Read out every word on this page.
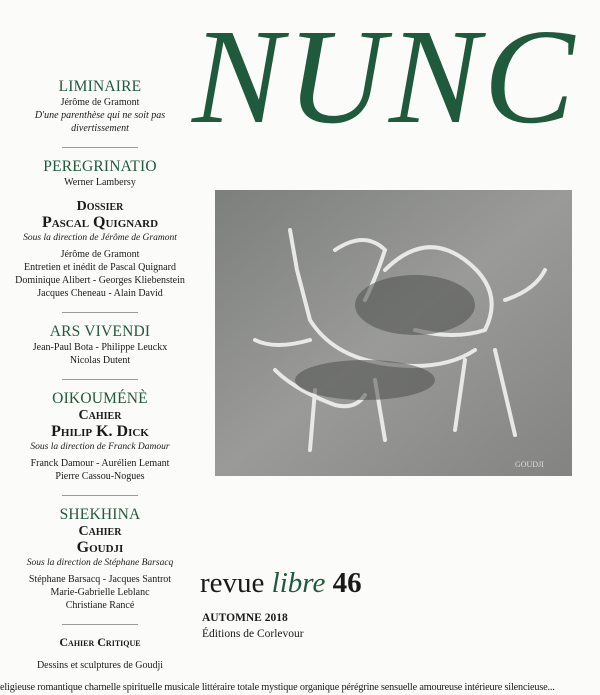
NUNC
LIMINAIRE
Jérôme de Gramont
D'une parenthèse qui ne soit pas
divertissement
PEREGRINATIO
Werner Lambersy
Dossier
Pascal Quignard
Sous la direction de Jérôme de Gramont
Jérôme de Gramont
Entretien et inédit de Pascal Quignard
Dominique Alibert - Georges Kliebenstein
Jacques Cheneau - Alain David
ARS VIVENDI
Jean-Paul Bota - Philippe Leuckx
Nicolas Dutent
OIKOUMÉNÈ
Cahier
Philip K. Dick
Sous la direction de Franck Damour
Franck Damour - Aurélien Lemant
Pierre Cassou-Nogues
SHEKHINA
Cahier
Goudji
Sous la direction de Stéphane Barsacq
Stéphane Barsacq - Jacques Santrot
Marie-Gabrielle Leblanc
Christiane Rancé
Cahier Critique
Dessins et sculptures de Goudji
GOUDJI
revue libre 46
AUTOMNE 2018
Éditions de Corlevour
eligieuse romantique charnelle spirituelle musicale littéraire totale mystique organique pérégrine sensuelle amoureuse intérieure silencieuse...
